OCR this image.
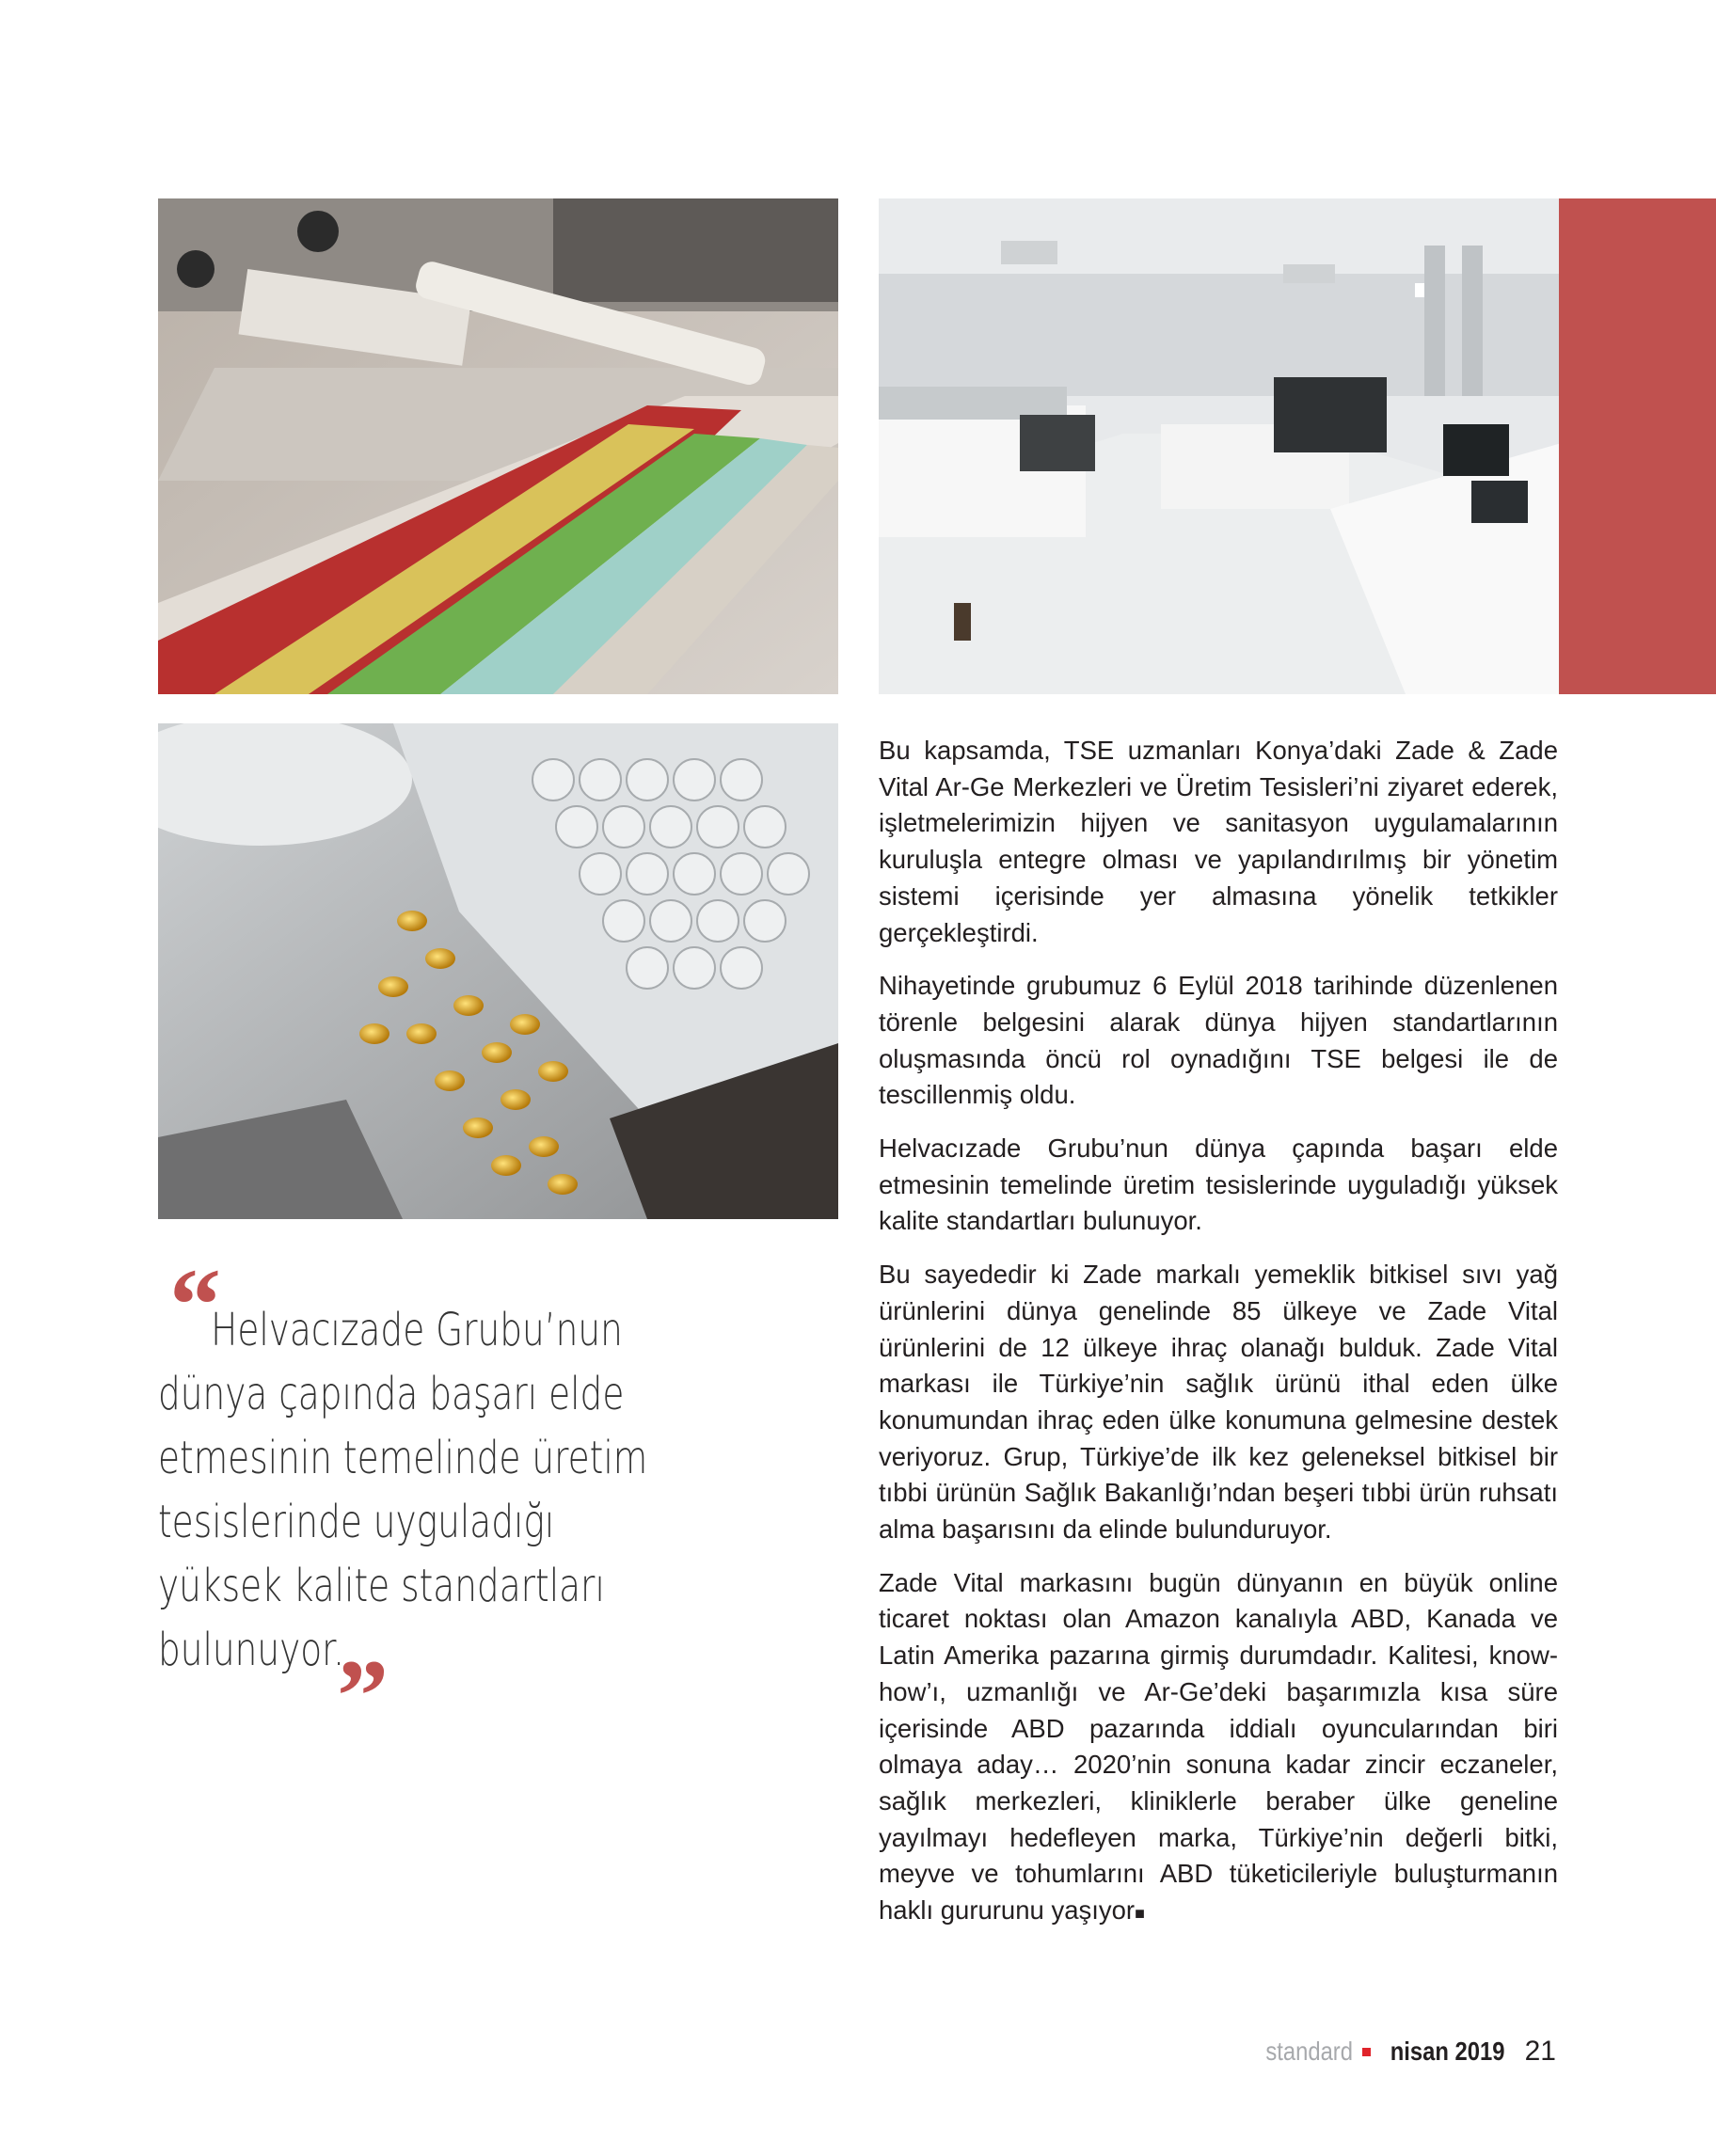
Bu kapsamda, TSE uzmanları Konya’daki Zade & Zade Vital Ar-Ge Merkezleri ve Üretim Tesisleri’ni ziyaret ederek, işletmelerimizin hijyen ve sanitasyon uygulamalarının kuruluşla entegre olması ve yapılandırılmış bir yönetim sistemi içerisinde yer almasına yönelik tetkikler gerçekleştirdi.

Nihayetinde grubumuz 6 Eylül 2018 tarihinde düzenlenen törenle belgesini alarak dünya hijyen standartlarının oluşmasında öncü rol oynadığını TSE belgesi ile de tescillenmiş oldu.

Helvacızade Grubu’nun dünya çapında başarı elde etmesinin temelinde üretim tesislerinde uyguladığı yüksek kalite standartları bulunuyor.

Bu sayededir ki Zade markalı yemeklik bitkisel sıvı yağ ürünlerini dünya genelinde 85 ülkeye ve Zade Vital ürünlerini de 12 ülkeye ihraç olanağı bulduk. Zade Vital markası ile Türkiye’nin sağlık ürünü ithal eden ülke konumundan ihraç eden ülke konumuna gelmesine destek veriyoruz. Grup, Türkiye’de ilk kez geleneksel bitkisel bir tıbbi ürünün Sağlık Bakanlığı’ndan beşeri tıbbi ürün ruhsatı alma başarısını da elinde bulunduruyor.

Zade Vital markasını bugün dünyanın en büyük online ticaret noktası olan Amazon kanalıyla ABD, Kanada ve Latin Amerika pazarına girmiş durumdadır. Kalitesi, know-how’ı, uzmanlığı ve Ar-Ge’deki başarımızla kısa süre içerisinde ABD pazarında iddialı oyuncularından biri olmaya aday… 2020’nin sonuna kadar zincir eczaneler, sağlık merkezleri, kliniklerle beraber ülke geneline yayılmayı hedefleyen marka, Türkiye’nin değerli bitki, meyve ve tohumlarını ABD tüketicileriyle buluşturmanın haklı gururunu yaşıyor■

“
Helvacızade Grubu’nun
dünya çapında başarı elde
etmesinin temelinde üretim
tesislerinde uyguladığı
yüksek kalite standartları
bulunuyor.
”
standard nisan 2019 21
